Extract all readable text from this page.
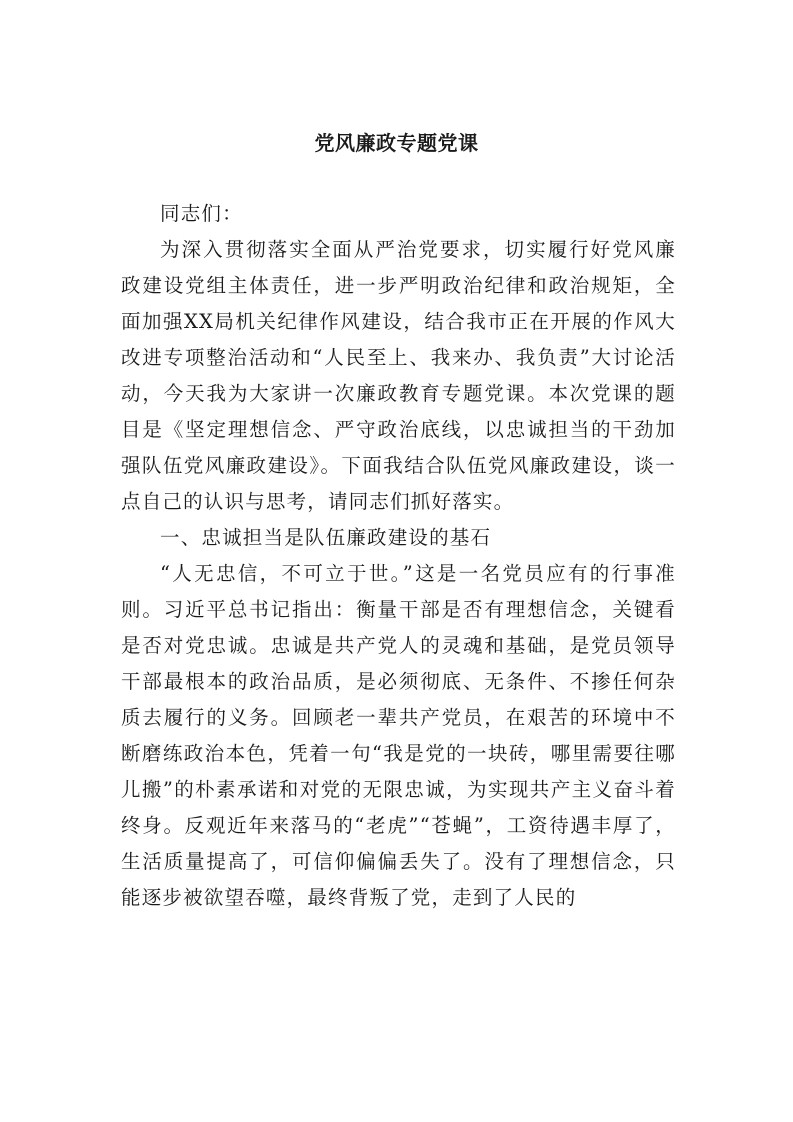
党风廉政专题党课

同志们：

为深入贯彻落实全面从严治党要求，切实履行好党风廉政建设党组主体责任，进一步严明政治纪律和政治规矩，全面加强XX局机关纪律作风建设，结合我市正在开展的作风大改进专项整治活动和“人民至上、我来办、我负责”大讨论活动，今天我为大家讲一次廉政教育专题党课。本次党课的题目是《坚定理想信念、严守政治底线，以忠诚担当的干劲加强队伍党风廉政建设》。下面我结合队伍党风廉政建设，谈一点自己的认识与思考，请同志们抓好落实。

一、忠诚担当是队伍廉政建设的基石

“人无忠信，不可立于世。”这是一名党员应有的行事准则。习近平总书记指出：衡量干部是否有理想信念，关键看是否对党忠诚。忠诚是共产党人的灵魂和基础，是党员领导干部最根本的政治品质，是必须彻底、无条件、不掺任何杂质去履行的义务。回顾老一辈共产党员，在艰苦的环境中不断磨练政治本色，凭着一句“我是党的一块砖，哪里需要往哪儿搬”的朴素承诺和对党的无限忠诚，为实现共产主义奋斗着终身。反观近年来落马的“老虎”“苍蝇”，工资待遇丰厚了，生活质量提高了，可信仰偏偏丢失了。没有了理想信念，只能逐步被欲望吞噬，最终背叛了党，走到了人民的
